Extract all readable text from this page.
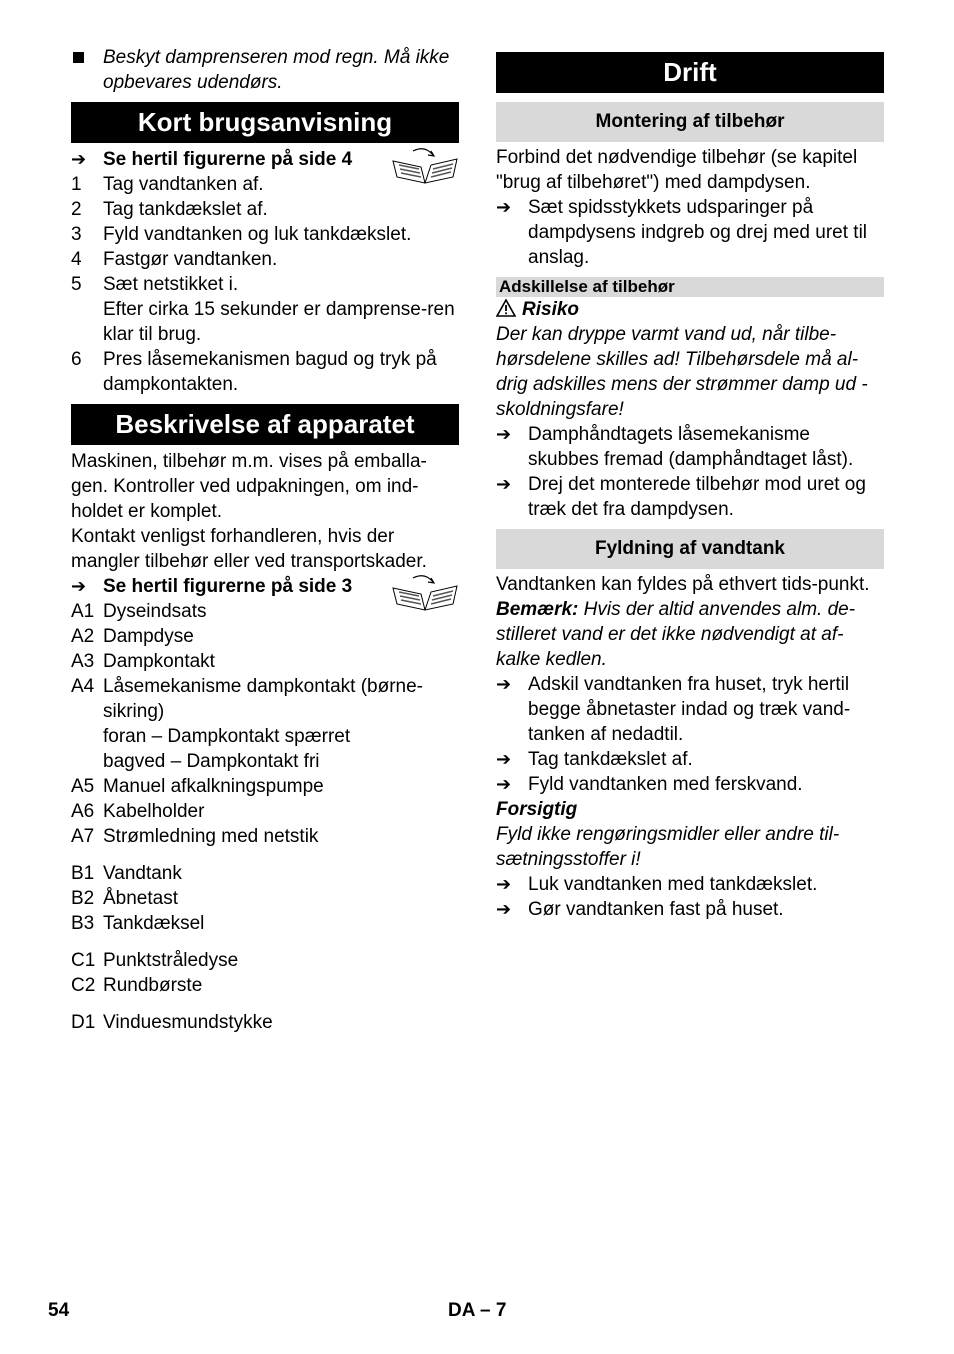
Beskyt damprenseren mod regn. Må ikke opbevares udendørs.
Kort brugsanvisning
➔ Se hertil figurerne på side 4
1	Tag vandtanken af.
2	Tag tankdækslet af.
3	Fyld vandtanken og luk tankdækslet.
4	Fastgør vandtanken.
5	Sæt netstikket i.
Efter cirka 15 sekunder er damprense-ren klar til brug.
6	Pres låsemekanismen bagud og tryk på dampkontakten.
Beskrivelse af apparatet

Maskinen, tilbehør m.m. vises på emballa-gen. Kontroller ved udpakningen, om ind-holdet er komplet.

Kontakt venligst forhandleren, hvis der mangler tilbehør eller ved transportskader.

➔ Se hertil figurerne på side 3
A1 Dyseindsats
A2 Dampdyse
A3 Dampkontakt
A4 Låsemekanisme dampkontakt (børne-sikring)
foran – Dampkontakt spærret
bagved – Dampkontakt fri
A5 Manuel afkalkningspumpe
A6 Kabelholder
A7 Strømledning med netstik
B1 Vandtank
B2 Åbnetast
B3 Tankdæksel
C1 Punktstråledyse
C2 Rundbørste
D1 Vinduesmundstykke
Drift
Montering af tilbehør

Forbind det nødvendige tilbehør (se kapitel "brug af tilbehøret") med dampdysen.

➔ Sæt spidsstykkets udsparinger på dampdysens indgreb og drej med uret til anslag.
Adskillelse af tilbehør

Risiko

Der kan dryppe varmt vand ud, når tilbe-hørsdelene skilles ad! Tilbehørsdele må al-drig adskilles mens der strømmer damp ud - skoldningsfare!

➔ Damphåndtagets låsemekanisme skubbes fremad (damphåndtaget låst).
➔ Drej det monterede tilbehør mod uret og træk det fra dampdysen.
Fyldning af vandtank

Vandtanken kan fyldes på ethvert tids-punkt.

Bemærk: Hvis der altid anvendes alm. de-stilleret vand er det ikke nødvendigt at af-kalke kedlen.

➔ Adskil vandtanken fra huset, tryk hertil begge åbnetaster indad og træk vand-tanken af nedadtil.
➔ Tag tankdækslet af.
➔ Fyld vandtanken med ferskvand.

Forsigtig

Fyld ikke rengøringsmidler eller andre til-sætningsstoffer i!

➔ Luk vandtanken med tankdækslet.
➔ Gør vandtanken fast på huset.
54	DA – 7
